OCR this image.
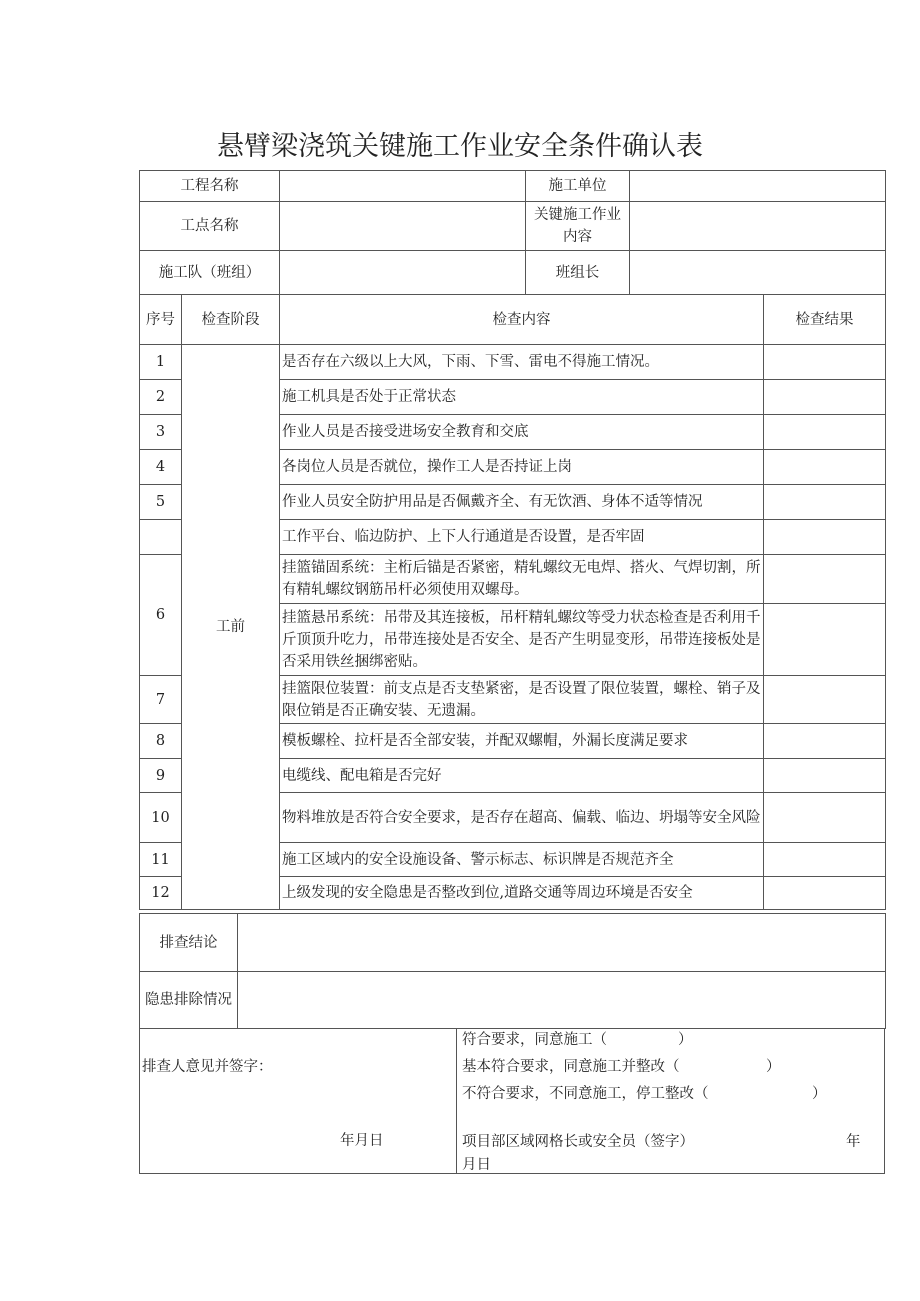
悬臂梁浇筑关键施工作业安全条件确认表
工程名称			施工单位		
工点名称			关键施工作业内容		
施工队（班组）			班组长		
序号	检查阶段	检查内容			检查结果
1	工前	是否存在六级以上大风，下雨、下雪、雷电不得施工情况。			
2		施工机具是否处于正常状态			
3		作业人员是否接受进场安全教育和交底			
4		各岗位人员是否就位，操作工人是否持证上岗			
5		作业人员安全防护用品是否佩戴齐全、有无饮酒、身体不适等情况			
		工作平台、临边防护、上下人行通道是否设置，是否牢固			
6		挂篮锚固系统：主桁后锚是否紧密，精轧螺纹无电焊、搭火、气焊切割，所有精轧螺纹钢筋吊杆必须使用双螺母。			
		挂篮悬吊系统：吊带及其连接板，吊杆精轧螺纹等受力状态检查是否利用千斤顶顶升吃力，吊带连接处是否安全、是否产生明显变形，吊带连接板处是否采用铁丝捆绑密贴。			
7		挂篮限位装置：前支点是否支垫紧密，是否设置了限位装置，螺栓、销子及限位销是否正确安装、无遗漏。			
8		模板螺栓、拉杆是否全部安装，并配双螺帽，外漏长度满足要求			
9		电缆线、配电箱是否完好			
10		物料堆放是否符合安全要求，是否存在超高、偏载、临边、坍塌等安全风险			
11		施工区域内的安全设施设备、警示标志、标识牌是否规范齐全			
12		上级发现的安全隐患是否整改到位,道路交通等周边环境是否安全			
排查结论	
隐患排除情况	
排查人意见并签字：
年月日
符合要求，同意施工（	）
基本符合要求，同意施工并整改（	）
不符合要求，不同意施工，停工整改（	）
项目部区域网格长或安全员（签字）	年
月日
